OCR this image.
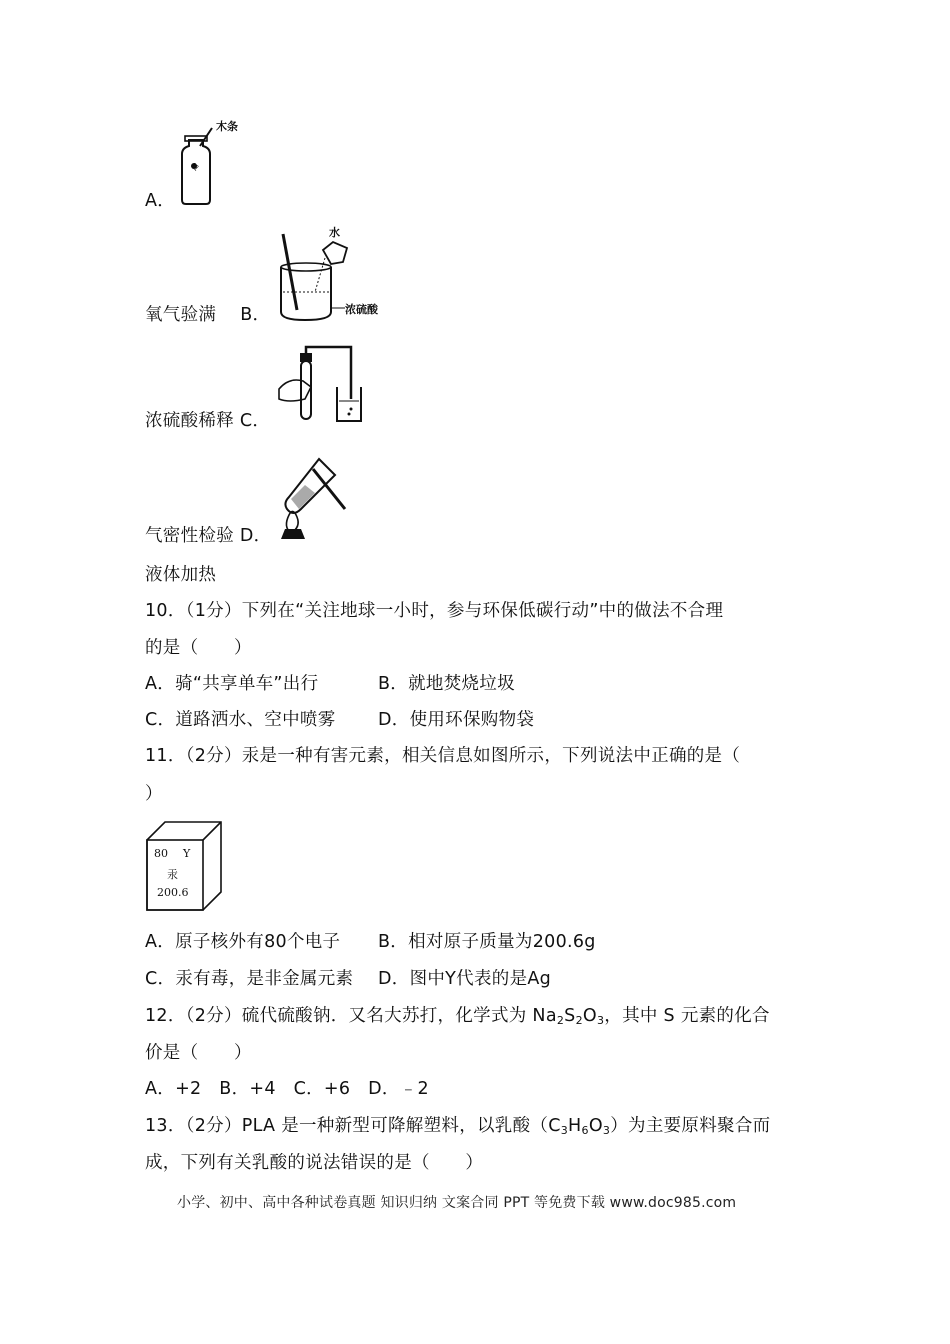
令
木条
A．
水
浓硫酸
氧气验满 B．
浓硫酸稀释 C．
气密性检验 D．
液体加热
10．（1分）下列在“关注地球一小时，参与环保低碳行动”中的做法不合理
的是（　　）
A．骑“共享单车”出行	B．就地焚烧垃圾
C．道路洒水、空中喷雾 D．使用环保购物袋
11．（2分）汞是一种有害元素，相关信息如图所示，下列说法中正确的是（
）
80 Y
汞
200.6
A．原子核外有80个电子 B．相对原子质量为200.6g
C．汞有毒，是非金属元素 D．图中Y代表的是Ag
12．（2分）硫代硫酸钠．又名大苏打，化学式为 $Na_2S_2O_3$，其中 S 元素的化合
价是（　　）
A．+2　B．+4　C．+6　D．﹣2
13．（2分）PLA 是一种新型可降解塑料，以乳酸$(C_3H_6O_3)$为主要原料聚合而
成，下列有关乳酸的说法错误的是（　　）
小学、初中、高中各种试卷真题 知识归纳 文案合同 PPT 等免费下载 www.doc985.com
